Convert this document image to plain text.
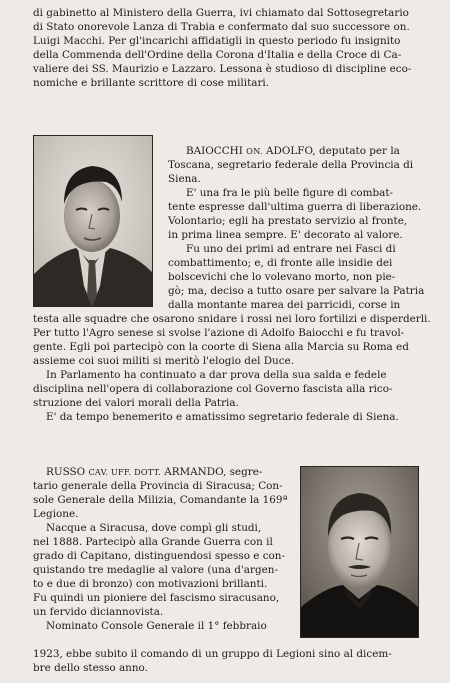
di gabinetto al Ministero della Guerra, ivi chiamato dal Sottosegretario
di Stato onorevole Lanza di Trabia e confermato dal suo successore on.
Luigi Macchi. Per gl'incarichi affidatigli in questo periodo fu insignito
della Commenda dell'Ordine della Corona d'Italia e della Croce di Ca-
valiere dei SS. Maurizio e Lazzaro. Lessona è studioso di discipline eco-
nomiche e brillante scrittore di cose militari.
BAIOCCHI ON. ADOLFO, deputato per la
Toscana, segretario federale della Provincia di
Siena.
E' una fra le più belle figure di combat-
tente espresse dall'ultima guerra di liberazione.
Volontario; egli ha prestato servizio al fronte,
in prima linea sempre. E' decorato al valore.
Fu uno dei primi ad entrare nei Fasci di
combattimento; e, di fronte alle insidie dei
bolscevichi che lo volevano morto, non pie-
gò; ma, deciso a tutto osare per salvare la Patria
dalla montante marea dei parricidi, corse in
testa alle squadre che osarono snidare i rossi nei loro fortilizi e disperderli.
Per tutto l'Agro senese si svolse l'azione di Adolfo Baiocchi e fu travol-
gente. Egli poi partecipò con la coorte di Siena alla Marcia su Roma ed
assieme coi suoi militi si meritò l'elogio del Duce.
In Parlamento ha continuato a dar prova della sua salda e fedele
disciplina nell'opera di collaborazione col Governo fascista alla rico-
struzione dei valori morali della Patria.
E' da tempo benemerito e amatissimo segretario federale di Siena.
RUSSO CAV. UFF. DOTT. ARMANDO, segre-
tario generale della Provincia di Siracusa; Con-
sole Generale della Milizia, Comandante la 169ª
Legione.
Nacque a Siracusa, dove compì gli studi,
nel 1888. Partecipò alla Grande Guerra con il
grado di Capitano, distinguendosi spesso e con-
quistando tre medaglie al valore (una d'argen-
to e due di bronzo) con motivazioni brillanti.
Fu quindi un pioniere del fascismo siracusano,
un fervido diciannovista.
Nominato Console Generale il 1° febbraio
1923, ebbe subito il comando di un gruppo di Legioni sino al dicem-
bre dello stesso anno.
